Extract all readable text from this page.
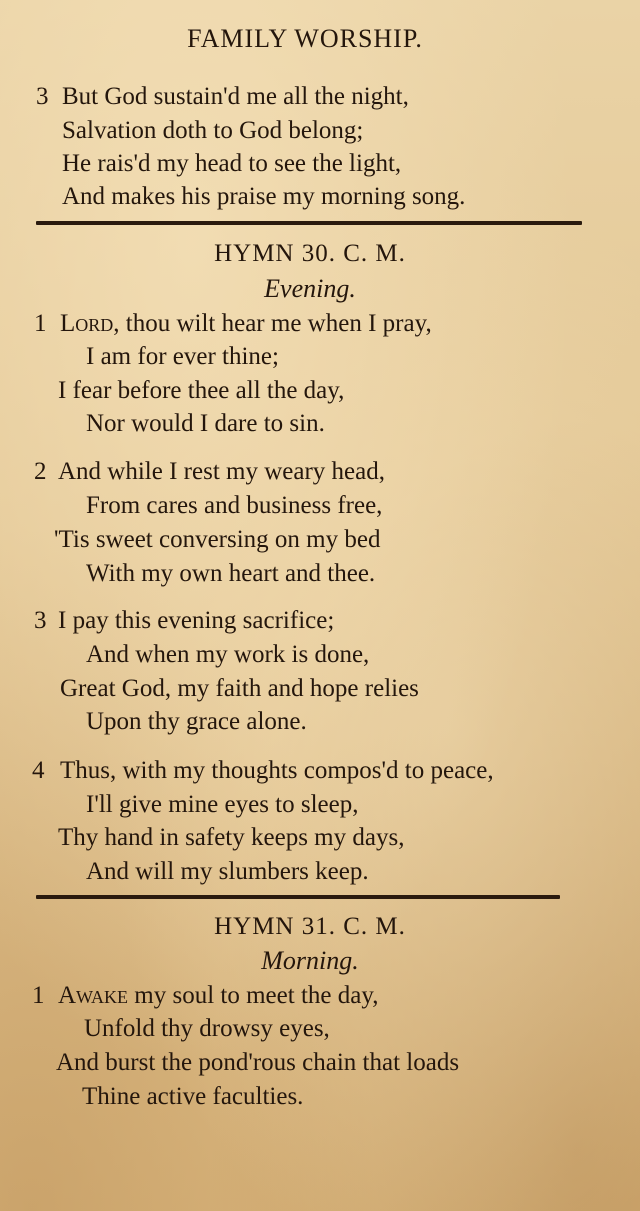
FAMILY WORSHIP.
3 But God sustain'd me all the night,
Salvation doth to God belong;
He rais'd my head to see the light,
And makes his praise my morning song.
HYMN 30. C. M.
Evening.
1 Lord, thou wilt hear me when I pray,
I am for ever thine;
I fear before thee all the day,
Nor would I dare to sin.
2 And while I rest my weary head,
From cares and business free,
'Tis sweet conversing on my bed
With my own heart and thee.
3 I pay this evening sacrifice;
And when my work is done,
Great God, my faith and hope relies
Upon thy grace alone.
4 Thus, with my thoughts compos'd to peace,
I'll give mine eyes to sleep,
Thy hand in safety keeps my days,
And will my slumbers keep.
HYMN 31. C. M.
Morning.
1 Awake my soul to meet the day,
Unfold thy drowsy eyes,
And burst the pond'rous chain that loads
Thine active faculties.
